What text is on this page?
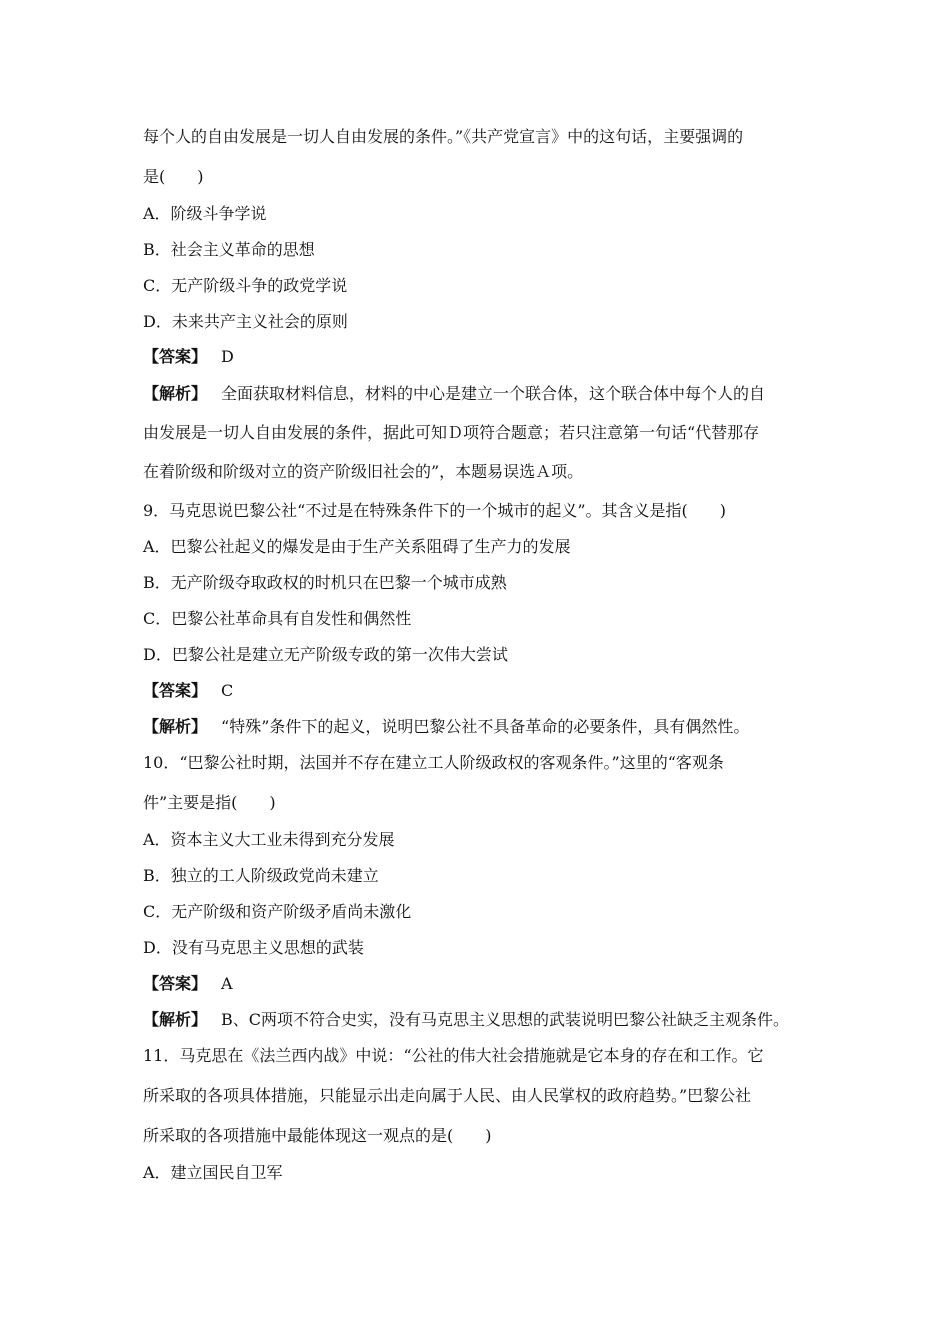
每个人的自由发展是一切人自由发展的条件。”《共产党宣言》中的这句话，主要强调的
是(　　)
A．阶级斗争学说
B．社会主义革命的思想
C．无产阶级斗争的政党学说
D．未来共产主义社会的原则
【答案】 D
【解析】 全面获取材料信息，材料的中心是建立一个联合体，这个联合体中每个人的自
由发展是一切人自由发展的条件，据此可知Ｄ项符合题意；若只注意第一句话“代替那存
在着阶级和阶级对立的资产阶级旧社会的”，本题易误选Ａ项。
9．马克思说巴黎公社“不过是在特殊条件下的一个城市的起义”。其含义是指(　　)
A．巴黎公社起义的爆发是由于生产关系阻碍了生产力的发展
B．无产阶级夺取政权的时机只在巴黎一个城市成熟
C．巴黎公社革命具有自发性和偶然性
D．巴黎公社是建立无产阶级专政的第一次伟大尝试
【答案】 C
【解析】 “特殊”条件下的起义，说明巴黎公社不具备革命的必要条件，具有偶然性。
10．“巴黎公社时期，法国并不存在建立工人阶级政权的客观条件。”这里的“客观条
件”主要是指(　　)
A．资本主义大工业未得到充分发展
B．独立的工人阶级政党尚未建立
C．无产阶级和资产阶级矛盾尚未激化
D．没有马克思主义思想的武装
【答案】 A
【解析】 B、C两项不符合史实，没有马克思主义思想的武装说明巴黎公社缺乏主观条件。
11．马克思在《法兰西内战》中说：“公社的伟大社会措施就是它本身的存在和工作。它
所采取的各项具体措施，只能显示出走向属于人民、由人民掌权的政府趋势。”巴黎公社
所采取的各项措施中最能体现这一观点的是(　　)
A．建立国民自卫军
